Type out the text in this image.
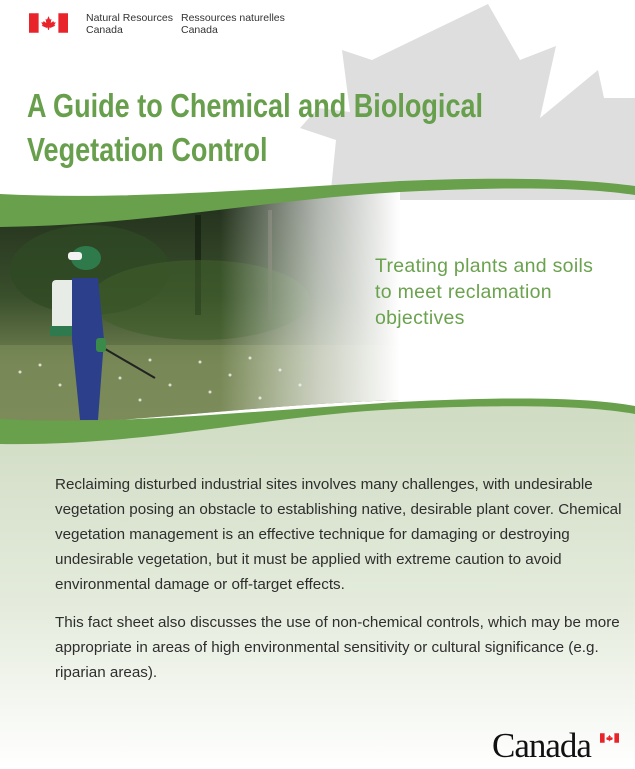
Natural Resources
Canada
Ressources naturelles
Canada
A Guide to Chemical and Biological
Vegetation Control
Treating plants and soils
to meet reclamation
objectives

Reclaiming disturbed industrial sites involves many challenges, with undesirable vegetation posing an obstacle to establishing native, desirable plant cover. Chemical vegetation management is an effective technique for damaging or destroying undesirable vegetation, but it must be applied with extreme caution to avoid environmental damage or off-target effects.

This fact sheet also discusses the use of non-chemical controls, which may be more appropriate in areas of high environmental sensitivity or cultural significance (e.g. riparian areas).

Canada
